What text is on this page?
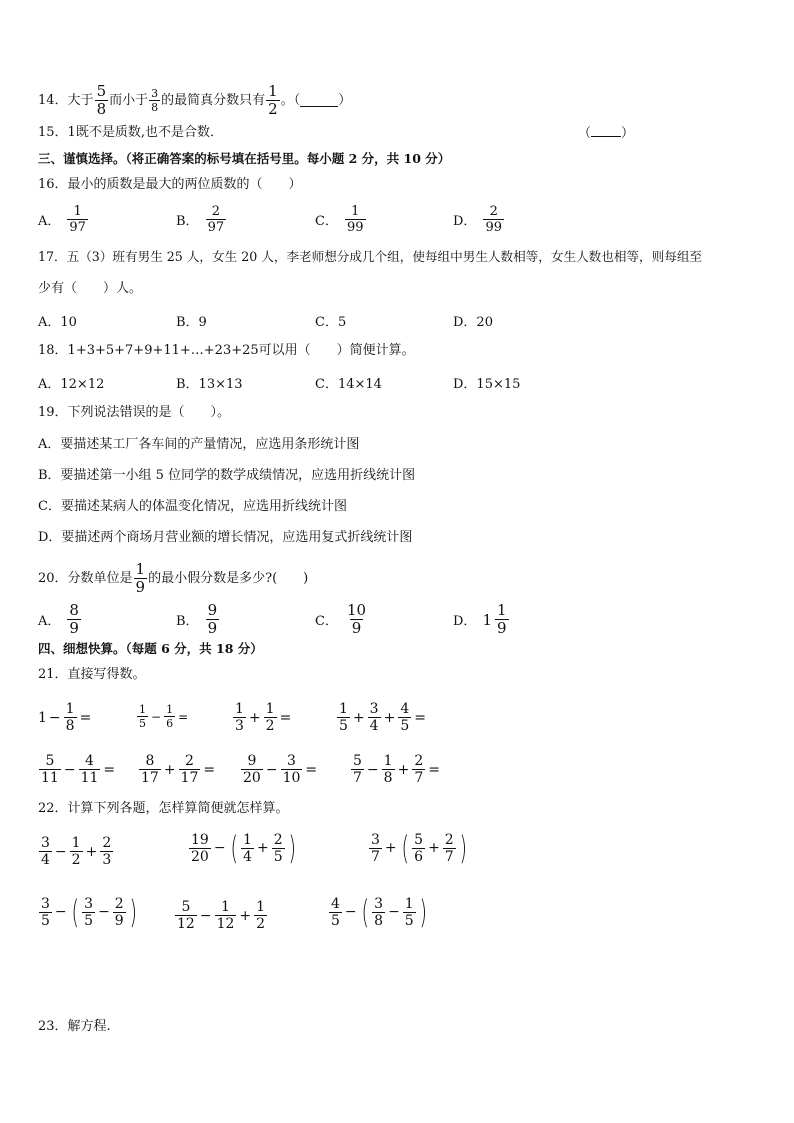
14． 大于 $\frac{5}{8}$ 而小于 $\frac{3}{8}$ 的最简真分数只有 $\frac{1}{2}$ 。（	）
15．1既不是质数,也不是合数．	（ ）
三、谨慎选择。（将正确答案的标号填在括号里。每小题 2 分，共 10 分）
16．最小的质数是最大的两位质数的（　　）
A． $\frac{1}{97}$	B． $\frac{2}{97}$	C． $\frac{1}{99}$	D． $\frac{2}{99}$
17．五（3）班有男生 25 人，女生 20 人，李老师想分成几个组，使每组中男生人数相等，女生人数也相等，则每组至
少有（　　）人。
A．10	B．9	C．5	D．20
18．1+3+5+7+9+11+…+23+25可以用（　　）简便计算。
A．12×12	B．13×13	C．14×14	D．15×15
19．下列说法错误的是（　　）。
A．要描述某工厂各车间的产量情况，应选用条形统计图
B．要描述第一小组 5 位同学的数学成绩情况，应选用折线统计图
C．要描述某病人的体温变化情况，应选用折线统计图
D．要描述两个商场月营业额的增长情况，应选用复式折线统计图
20．分数单位是 $\frac{1}{9}$ 的最小假分数是多少?(　　)
A． $\frac{8}{9}$	B． $\frac{9}{9}$	C． $\frac{10}{9}$	D． $1 \frac{1}{9}$
四、细想快算。（每题 6 分，共 18 分）
21．直接写得数。
$1 - \frac{1}{8}$ =	$\frac{1}{5} - \frac{1}{6}$ =	$\frac{1}{3} + \frac{1}{2}$ =	$\frac{1}{5} + \frac{3}{4} + \frac{4}{5}$ =
$\frac{5}{11} - \frac{4}{11} = \frac{8}{17} + \frac{2}{17} = \frac{9}{20} - \frac{3}{10} = \frac{5}{7} - \frac{1}{8} + \frac{2}{7}$ =
22．计算下列各题，怎样算简便就怎样算。
$\frac{3}{4} - \frac{1}{2} + \frac{2}{3}$	$\frac{19}{20}$ − ( $\frac{1}{4} + \frac{2}{5}$ )	$\frac{3}{7}$ + ( $\frac{5}{6} + \frac{2}{7}$ )
$\frac{3}{5}$ − ( $\frac{3}{5} - \frac{2}{9}$ )	$\frac{5}{12} - \frac{1}{12} + \frac{1}{2}$	$\frac{4}{5}$ − ( $\frac{3}{8} - \frac{1}{5}$ )
23．解方程.
